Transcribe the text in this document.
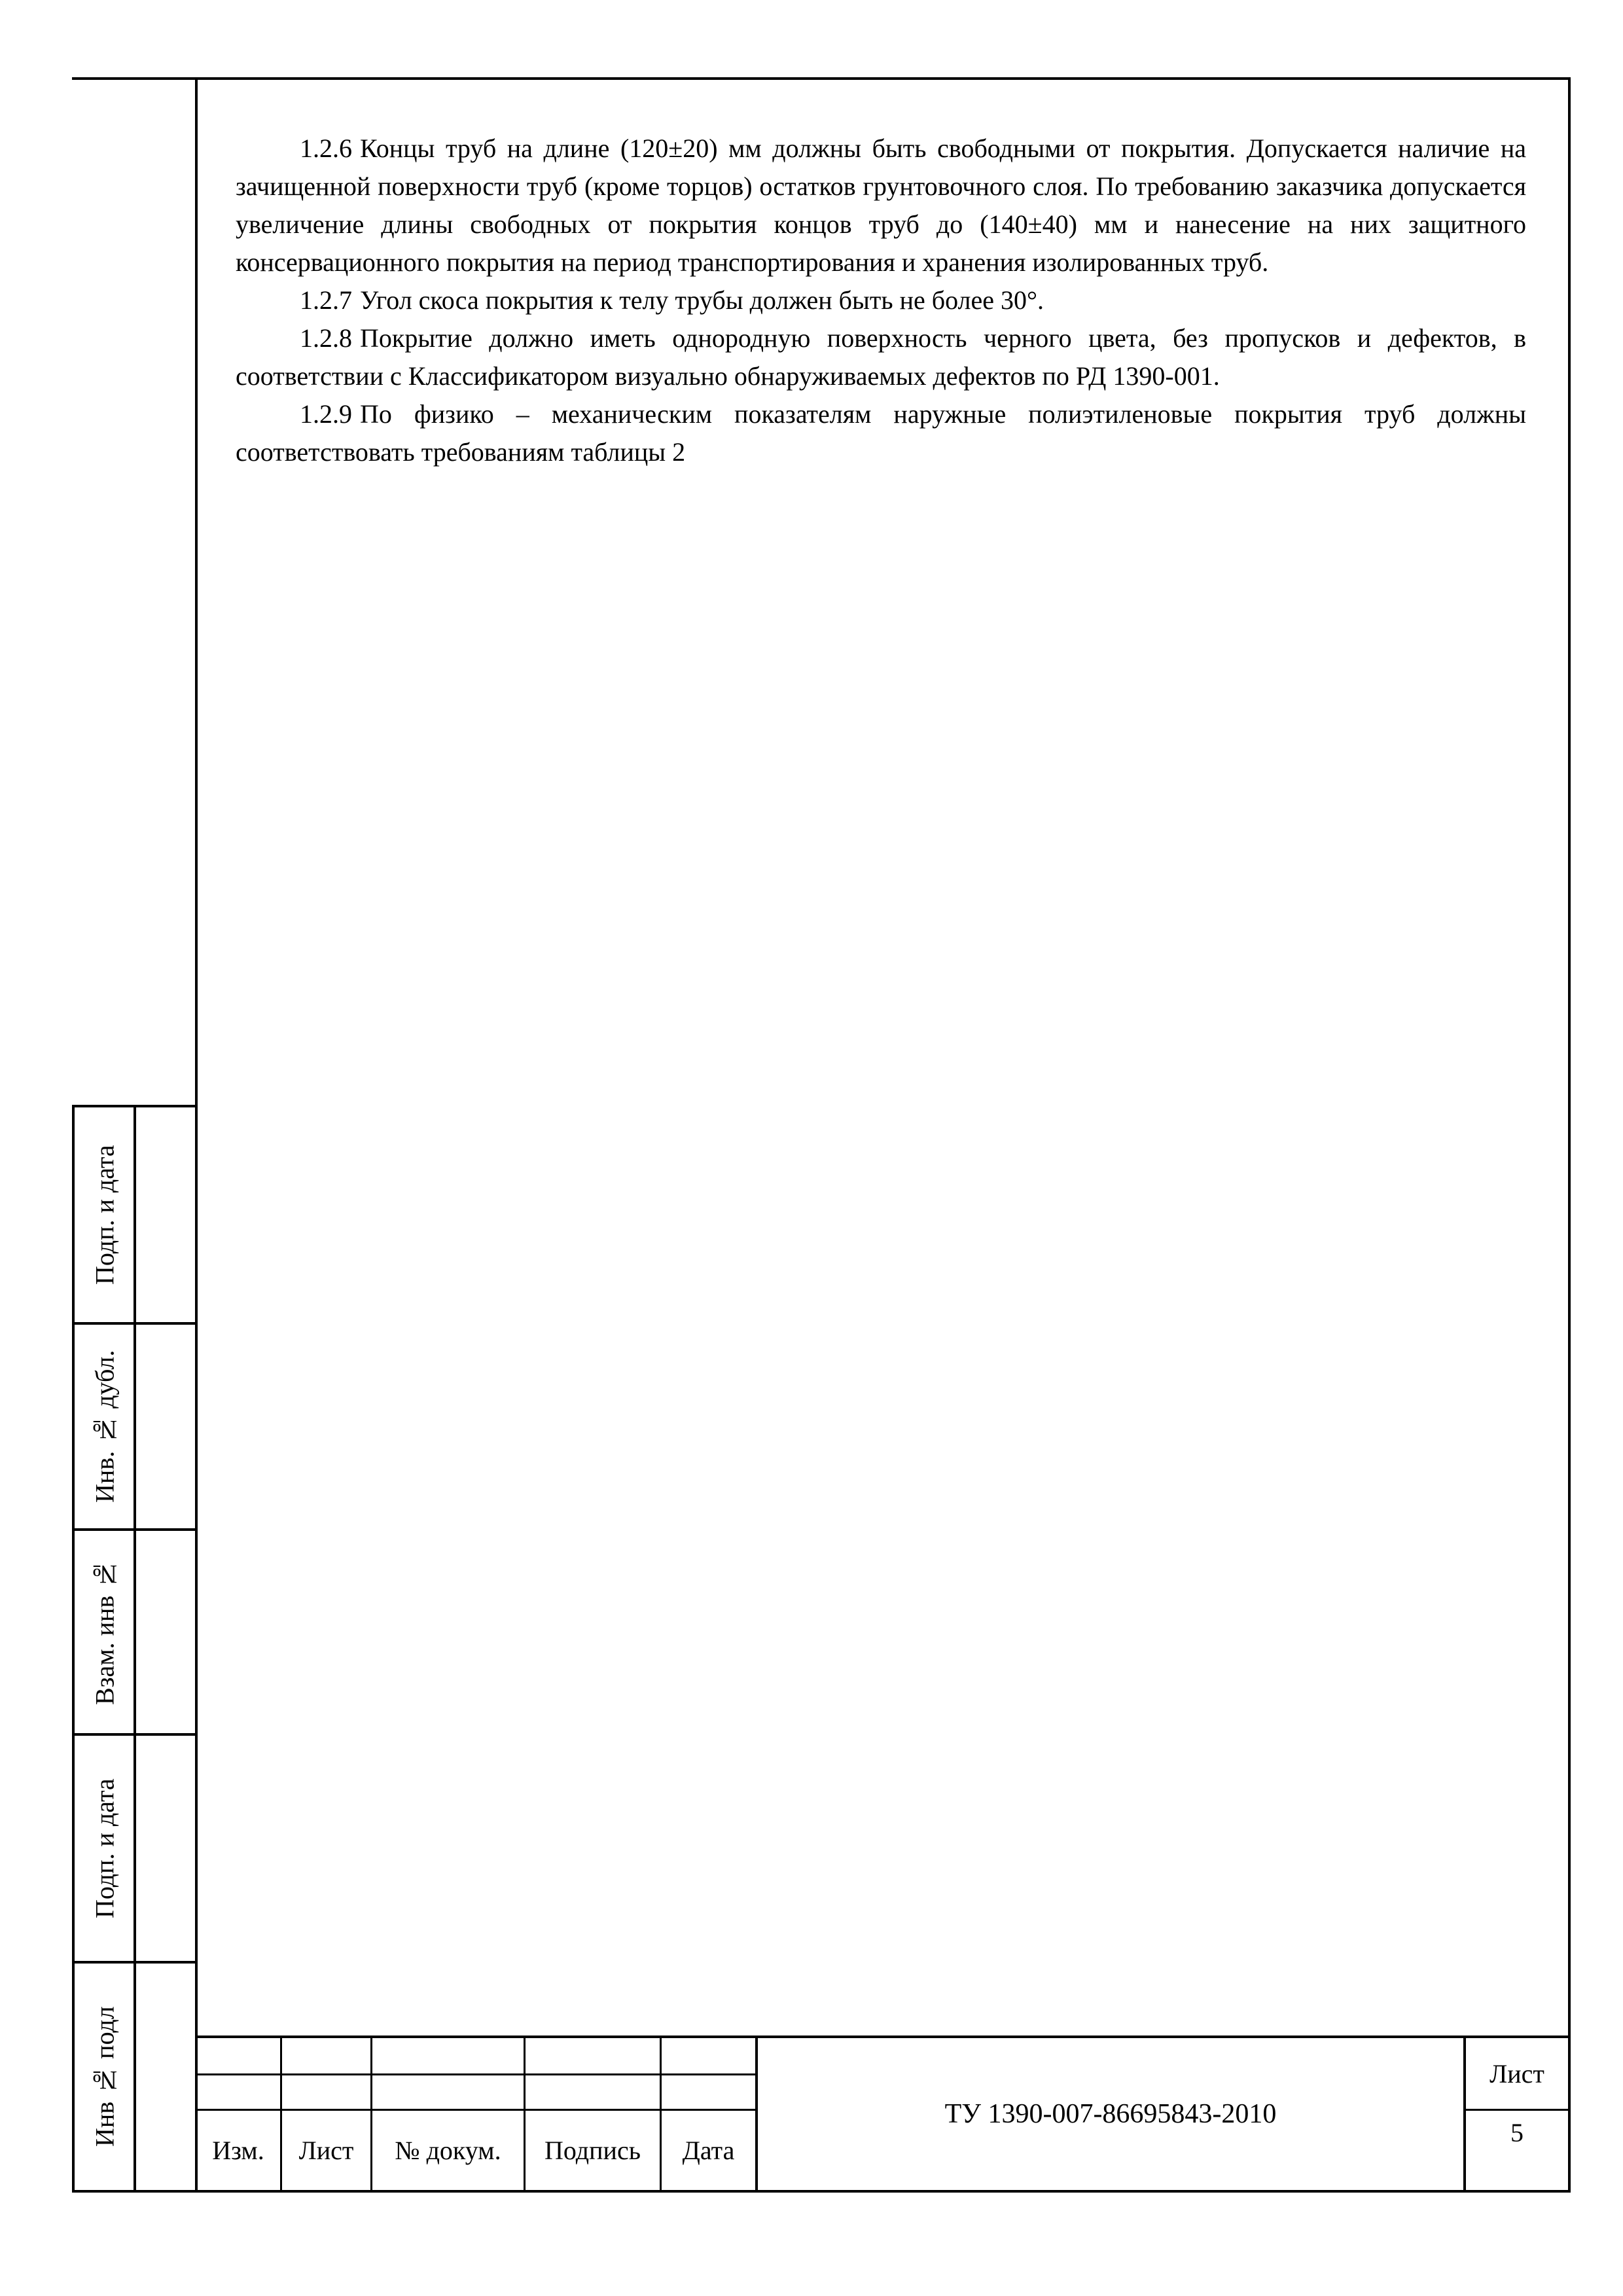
1.2.6 Концы труб на длине (120±20) мм должны быть свободными от покрытия. Допускается наличие на зачищенной поверхности труб (кроме торцов) остатков грунтовочного слоя. По требованию заказчика допускается увеличение длины свободных от покрытия концов труб до (140±40) мм и нанесение на них защитного консервационного покрытия на период транспортирования и хранения изолированных труб.

1.2.7 Угол скоса покрытия к телу трубы должен быть не более 30°.

1.2.8 Покрытие должно иметь однородную поверхность черного цвета, без пропусков и дефектов, в соответствии с Классификатором визуально обнаруживаемых дефектов по РД 1390-001.

1.2.9 По физико – механическим показателям наружные полиэтиленовые покрытия труб должны соответствовать требованиям таблицы 2

Подп. и дата
Инв. № дубл.
Взам. инв №
Подп. и дата
Инв № подл
Изм.	Лист	№ докум.	Подпись	Дата
ТУ 1390-007-86695843-2010
Лист
5
